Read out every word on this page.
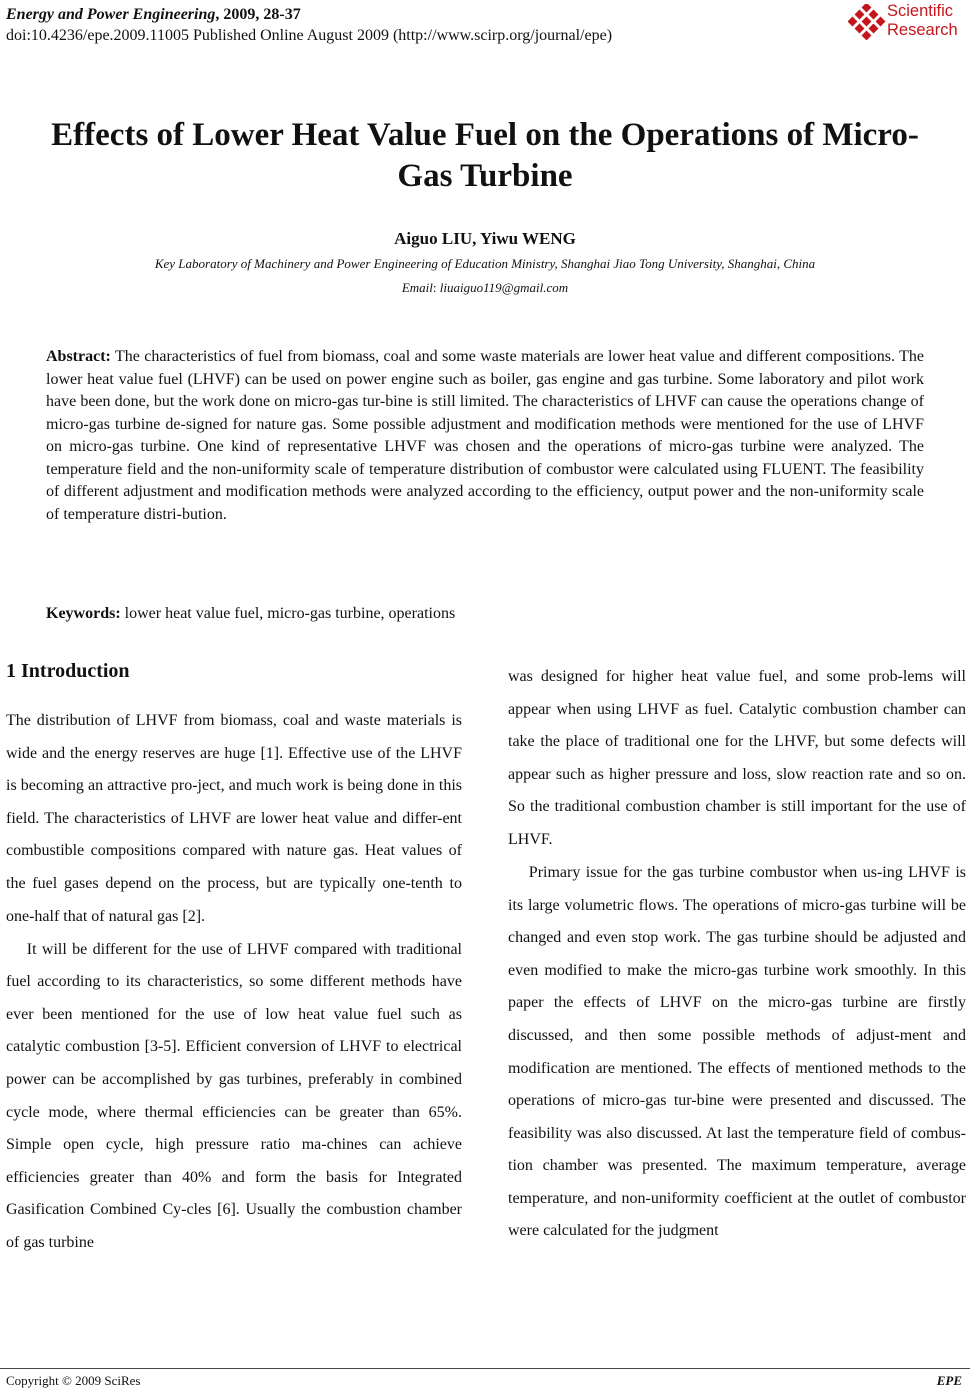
Energy and Power Engineering, 2009, 28-37
doi:10.4236/epe.2009.11005 Published Online August 2009 (http://www.scirp.org/journal/epe)
Scientific
Research
Effects of Lower Heat Value Fuel on the Operations of Micro-Gas Turbine
Aiguo LIU, Yiwu WENG
Key Laboratory of Machinery and Power Engineering of Education Ministry, Shanghai Jiao Tong University, Shanghai, China
Email: liuaiguo119@gmail.com

Abstract: The characteristics of fuel from biomass, coal and some waste materials are lower heat value and different compositions. The lower heat value fuel (LHVF) can be used on power engine such as boiler, gas engine and gas turbine. Some laboratory and pilot work have been done, but the work done on micro-gas tur-bine is still limited. The characteristics of LHVF can cause the operations change of micro-gas turbine de-signed for nature gas. Some possible adjustment and modification methods were mentioned for the use of LHVF on micro-gas turbine. One kind of representative LHVF was chosen and the operations of micro-gas turbine were analyzed. The temperature field and the non-uniformity scale of temperature distribution of combustor were calculated using FLUENT. The feasibility of different adjustment and modification methods were analyzed according to the efficiency, output power and the non-uniformity scale of temperature distri-bution.

Keywords: lower heat value fuel, micro-gas turbine, operations

1 Introduction

The distribution of LHVF from biomass, coal and waste materials is wide and the energy reserves are huge [1]. Effective use of the LHVF is becoming an attractive pro-ject, and much work is being done in this field. The characteristics of LHVF are lower heat value and differ-ent combustible compositions compared with nature gas. Heat values of the fuel gases depend on the process, but are typically one-tenth to one-half that of natural gas [2].

It will be different for the use of LHVF compared with traditional fuel according to its characteristics, so some different methods have ever been mentioned for the use of low heat value fuel such as catalytic combustion [3-5]. Efficient conversion of LHVF to electrical power can be accomplished by gas turbines, preferably in combined cycle mode, where thermal efficiencies can be greater than 65%. Simple open cycle, high pressure ratio ma-chines can achieve efficiencies greater than 40% and form the basis for Integrated Gasification Combined Cy-cles [6]. Usually the combustion chamber of gas turbine

was designed for higher heat value fuel, and some prob-lems will appear when using LHVF as fuel. Catalytic combustion chamber can take the place of traditional one for the LHVF, but some defects will appear such as higher pressure and loss, slow reaction rate and so on. So the traditional combustion chamber is still important for the use of LHVF.

Primary issue for the gas turbine combustor when us-ing LHVF is its large volumetric flows. The operations of micro-gas turbine will be changed and even stop work. The gas turbine should be adjusted and even modified to make the micro-gas turbine work smoothly. In this paper the effects of LHVF on the micro-gas turbine are firstly discussed, and then some possible methods of adjust-ment and modification are mentioned. The effects of mentioned methods to the operations of micro-gas tur-bine were presented and discussed. The feasibility was also discussed. At last the temperature field of combus-tion chamber was presented. The maximum temperature, average temperature, and non-uniformity coefficient at the outlet of combustor were calculated for the judgment

Copyright © 2009 SciRes	EPE
